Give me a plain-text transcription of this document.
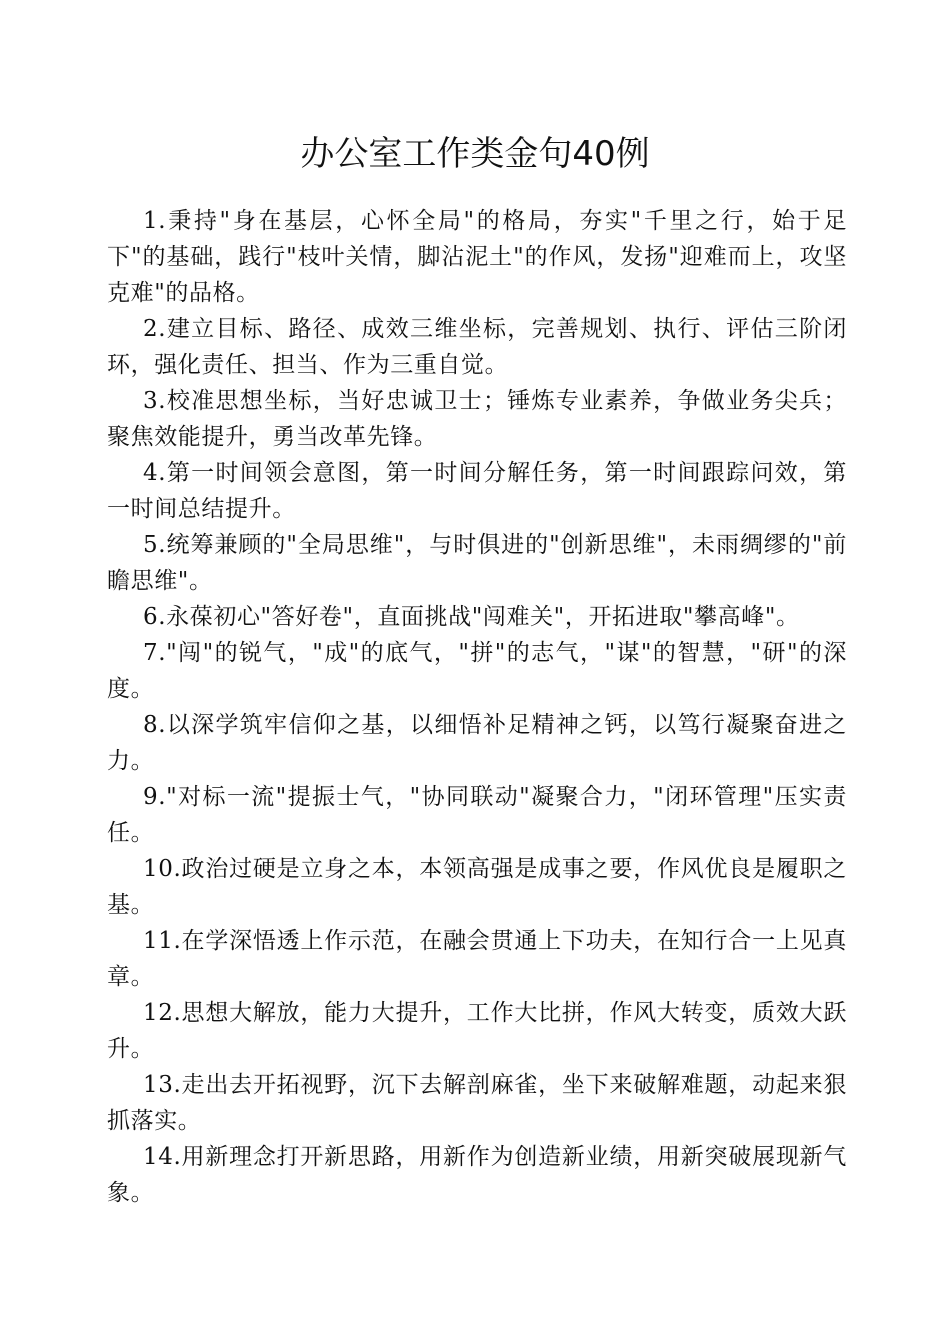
办公室工作类金句40例

1.秉持"身在基层，心怀全局"的格局，夯实"千里之行，始于足下"的基础，践行"枝叶关情，脚沾泥土"的作风，发扬"迎难而上，攻坚克难"的品格。

2.建立目标、路径、成效三维坐标，完善规划、执行、评估三阶闭环，强化责任、担当、作为三重自觉。

3.校准思想坐标，当好忠诚卫士；锤炼专业素养，争做业务尖兵；聚焦效能提升，勇当改革先锋。

4.第一时间领会意图，第一时间分解任务，第一时间跟踪问效，第一时间总结提升。

5.统筹兼顾的"全局思维"，与时俱进的"创新思维"，未雨绸缪的"前瞻思维"。

6.永葆初心"答好卷"，直面挑战"闯难关"，开拓进取"攀高峰"。

7."闯"的锐气，"成"的底气，"拼"的志气，"谋"的智慧，"研"的深度。

8.以深学筑牢信仰之基，以细悟补足精神之钙，以笃行凝聚奋进之力。

9."对标一流"提振士气，"协同联动"凝聚合力，"闭环管理"压实责任。

10.政治过硬是立身之本，本领高强是成事之要，作风优良是履职之基。

11.在学深悟透上作示范，在融会贯通上下功夫，在知行合一上见真章。

12.思想大解放，能力大提升，工作大比拼，作风大转变，质效大跃升。

13.走出去开拓视野，沉下去解剖麻雀，坐下来破解难题，动起来狠抓落实。

14.用新理念打开新思路，用新作为创造新业绩，用新突破展现新气象。
